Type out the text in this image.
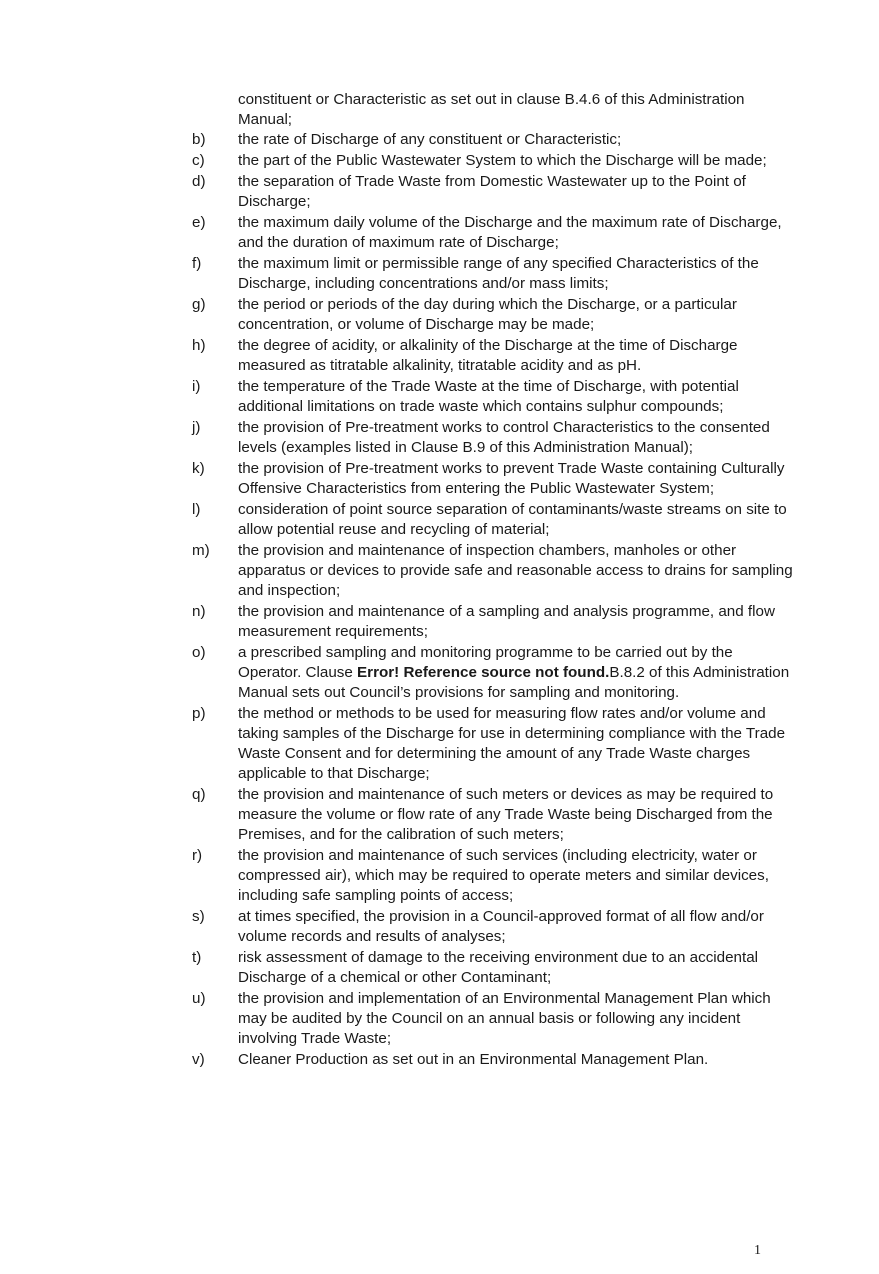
constituent or Characteristic as set out in clause B.4.6 of this Administration Manual;
b)	the rate of Discharge of any constituent or Characteristic;
c)	the part of the Public Wastewater System to which the Discharge will be made;
d)	the separation of Trade Waste from Domestic Wastewater up to the Point of Discharge;
e)	the maximum daily volume of the Discharge and the maximum rate of Discharge, and the duration of maximum rate of Discharge;
f)	the maximum limit or permissible range of any specified Characteristics of the Discharge, including concentrations and/or mass limits;
g)	the period or periods of the day during which the Discharge, or a particular concentration, or volume of Discharge may be made;
h)	the degree of acidity, or alkalinity of the Discharge at the time of Discharge measured as titratable alkalinity, titratable acidity and as pH.
i)	the temperature of the Trade Waste at the time of Discharge, with potential additional limitations on trade waste which contains sulphur compounds;
j)	the provision of Pre-treatment works to control Characteristics to the consented levels (examples listed in Clause B.9 of this Administration Manual);
k)	the provision of Pre-treatment works to prevent Trade Waste containing Culturally Offensive Characteristics from entering the Public Wastewater System;
l)	consideration of point source separation of contaminants/waste streams on site to allow potential reuse and recycling of material;
m)	the provision and maintenance of inspection chambers, manholes or other apparatus or devices to provide safe and reasonable access to drains for sampling and inspection;
n)	the provision and maintenance of a sampling and analysis programme, and flow measurement requirements;
o)	a prescribed sampling and monitoring programme to be carried out by the Operator. Clause Error! Reference source not found.B.8.2 of this Administration Manual sets out Council’s provisions for sampling and monitoring.
p)	the method or methods to be used for measuring flow rates and/or volume and taking samples of the Discharge for use in determining compliance with the Trade Waste Consent and for determining the amount of any Trade Waste charges applicable to that Discharge;
q)	the provision and maintenance of such meters or devices as may be required to measure the volume or flow rate of any Trade Waste being Discharged from the Premises, and for the calibration of such meters;
r)	the provision and maintenance of such services (including electricity, water or compressed air), which may be required to operate meters and similar devices, including safe sampling points of access;
s)	at times specified, the provision in a Council-approved format of all flow and/or volume records and results of analyses;
t)	risk assessment of damage to the receiving environment due to an accidental Discharge of a chemical or other Contaminant;
u)	the provision and implementation of an Environmental Management Plan which may be audited by the Council on an annual basis or following any incident involving Trade Waste;
v)	Cleaner Production as set out in an Environmental Management Plan.
1
